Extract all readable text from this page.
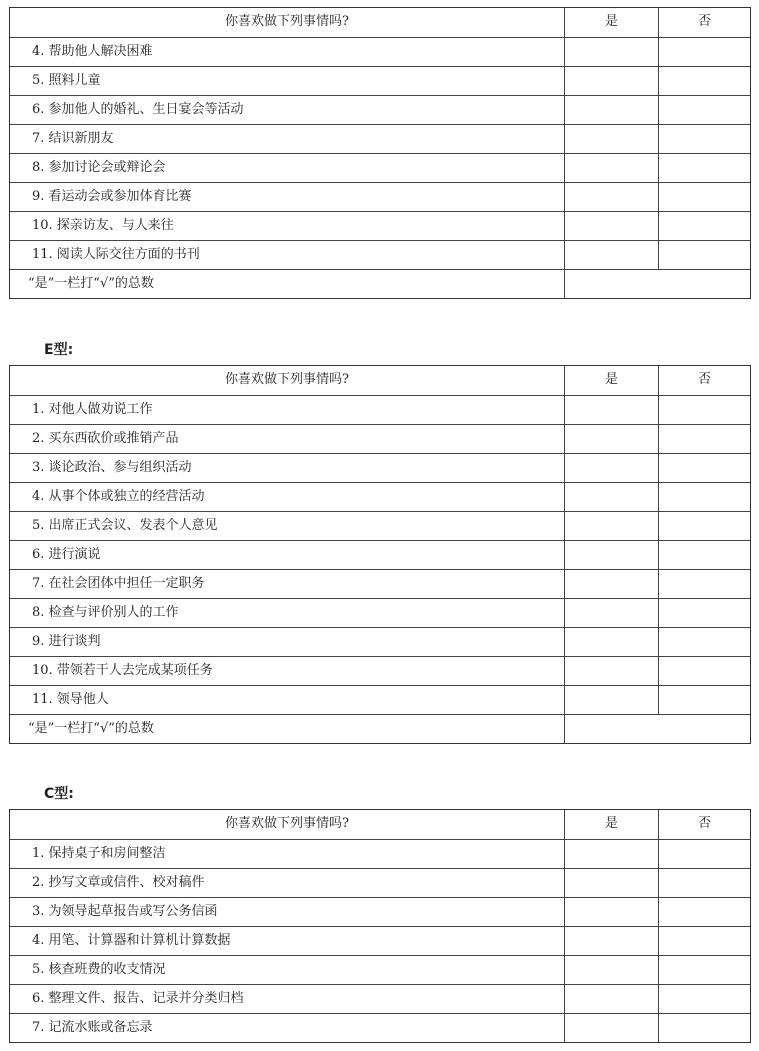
你喜欢做下列事情吗?	是	否
4. 帮助他人解决困难
5. 照料儿童
6. 参加他人的婚礼、生日宴会等活动
7. 结识新朋友
8. 参加讨论会或辩论会
9. 看运动会或参加体育比赛
10. 探亲访友、与人来往
11. 阅读人际交往方面的书刊
“是”一栏打“√”的总数
E型:
你喜欢做下列事情吗?	是	否
1. 对他人做劝说工作
2. 买东西砍价或推销产品
3. 谈论政治、参与组织活动
4. 从事个体或独立的经营活动
5. 出席正式会议、发表个人意见
6. 进行演说
7. 在社会团体中担任一定职务
8. 检查与评价别人的工作
9. 进行谈判
10. 带领若干人去完成某项任务
11. 领导他人
“是”一栏打“√”的总数
C型:
你喜欢做下列事情吗?	是	否
1. 保持桌子和房间整洁
2. 抄写文章或信件、校对稿件
3. 为领导起草报告或写公务信函
4. 用笔、计算器和计算机计算数据
5. 核查班费的收支情况
6. 整理文件、报告、记录并分类归档
7. 记流水账或备忘录
